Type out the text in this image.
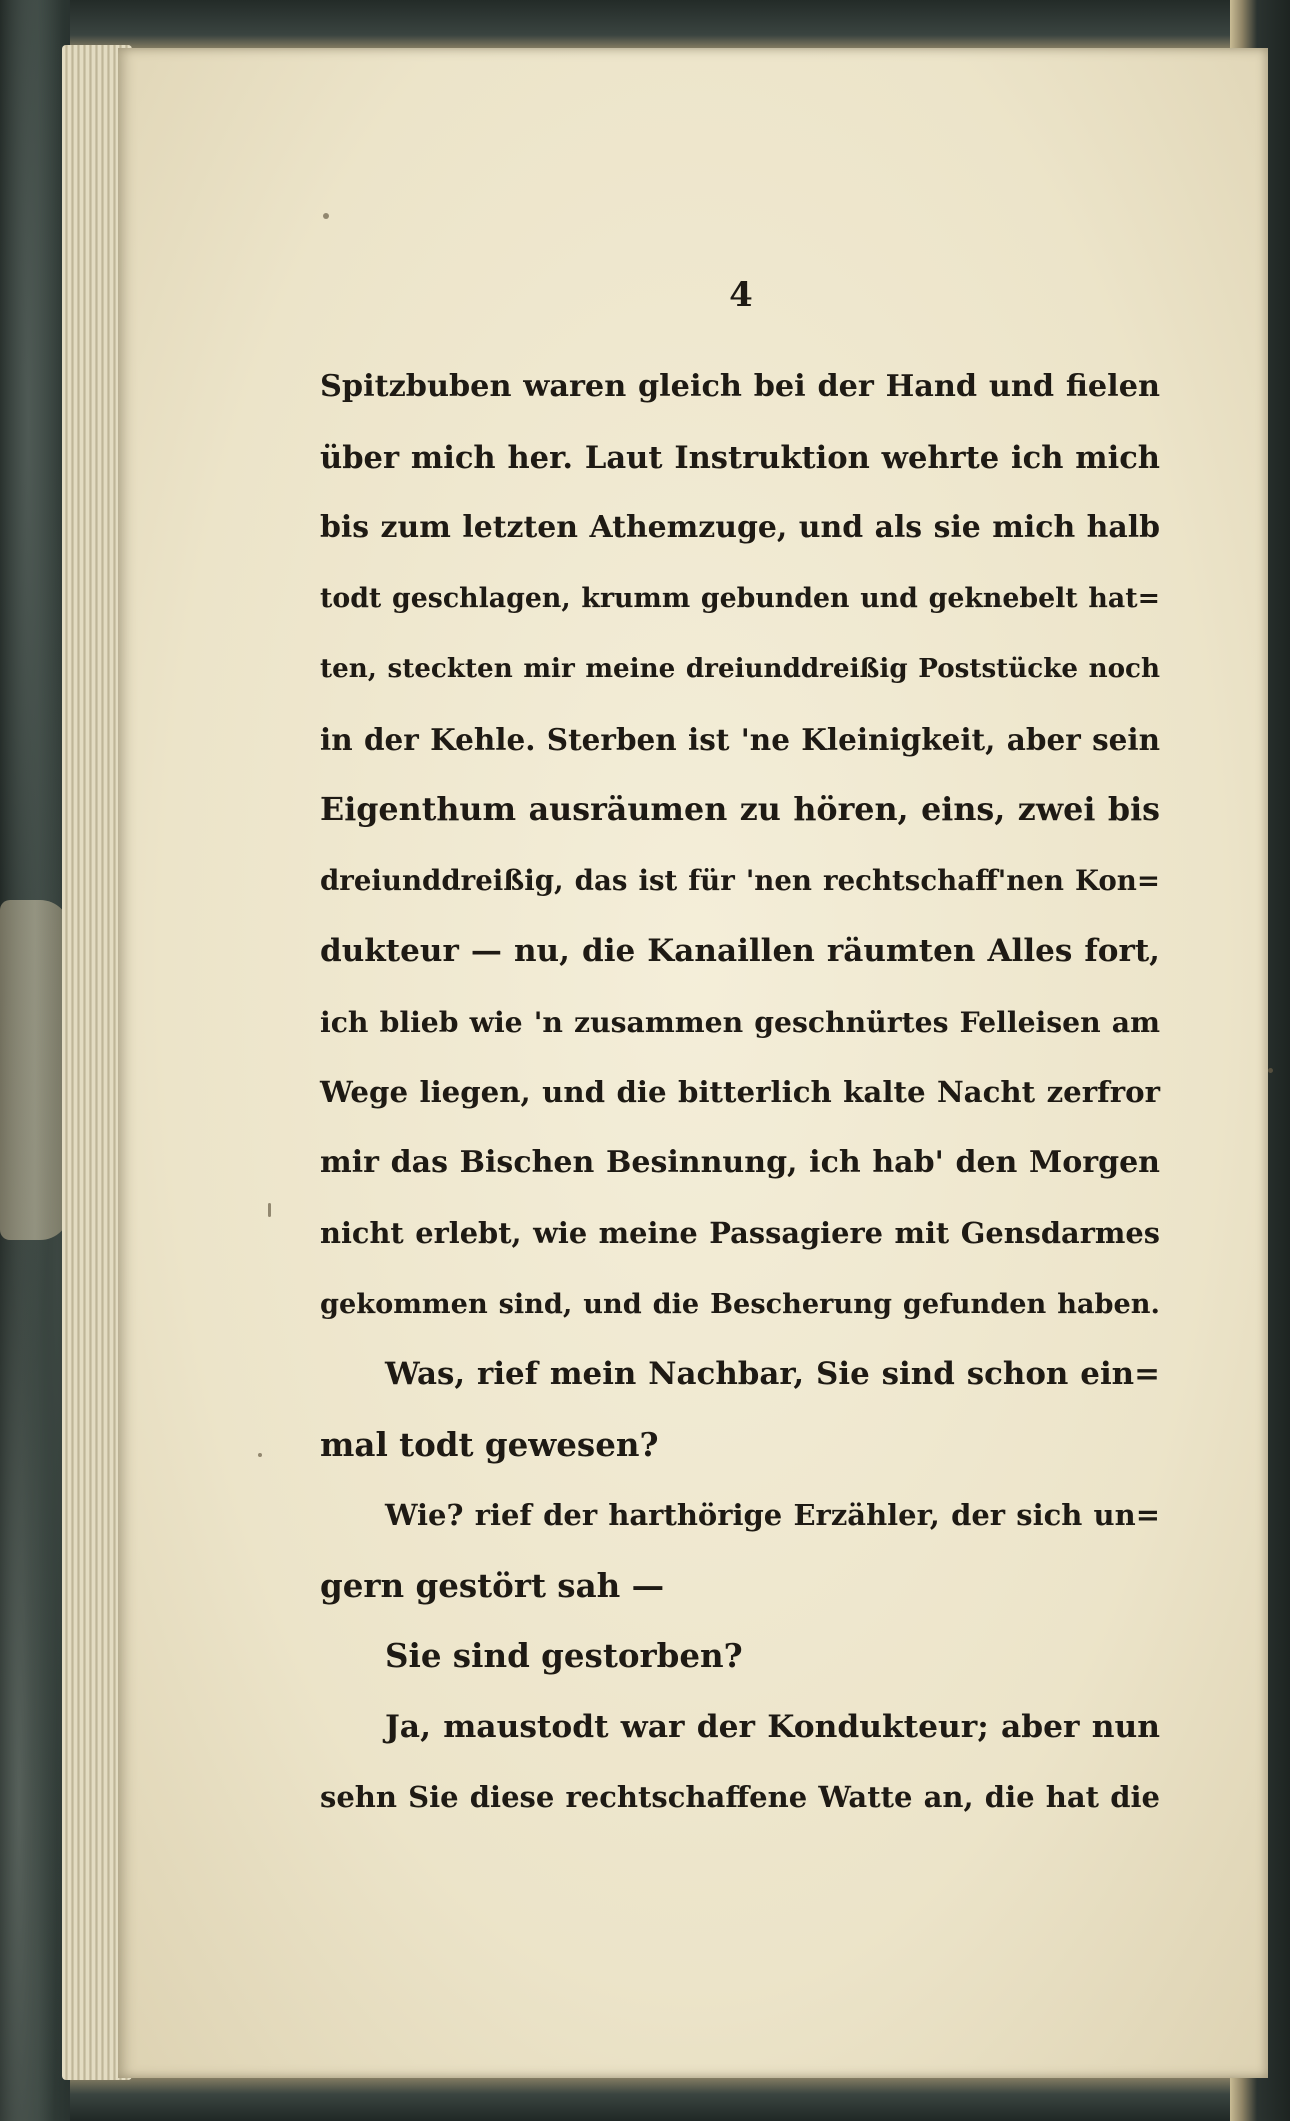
4
Spitzbuben waren gleich bei der Hand und fielen
über mich her. Laut Instruktion wehrte ich mich
bis zum letzten Athemzuge, und als sie mich halb
todt geschlagen, krumm gebunden und geknebelt hat=
ten, steckten mir meine dreiunddreißig Poststücke noch
in der Kehle. Sterben ist 'ne Kleinigkeit, aber sein
Eigenthum ausräumen zu hören, eins, zwei bis
dreiunddreißig, das ist für 'nen rechtschaff'nen Kon=
dukteur — nu, die Kanaillen räumten Alles fort,
ich blieb wie 'n zusammen geschnürtes Felleisen am
Wege liegen, und die bitterlich kalte Nacht zerfror
mir das Bischen Besinnung, ich hab' den Morgen
nicht erlebt, wie meine Passagiere mit Gensdarmes
gekommen sind, und die Bescherung gefunden haben.
Was, rief mein Nachbar, Sie sind schon ein=
mal todt gewesen?
Wie? rief der harthörige Erzähler, der sich un=
gern gestört sah —
Sie sind gestorben?
Ja, maustodt war der Kondukteur; aber nun
sehn Sie diese rechtschaffene Watte an, die hat die
